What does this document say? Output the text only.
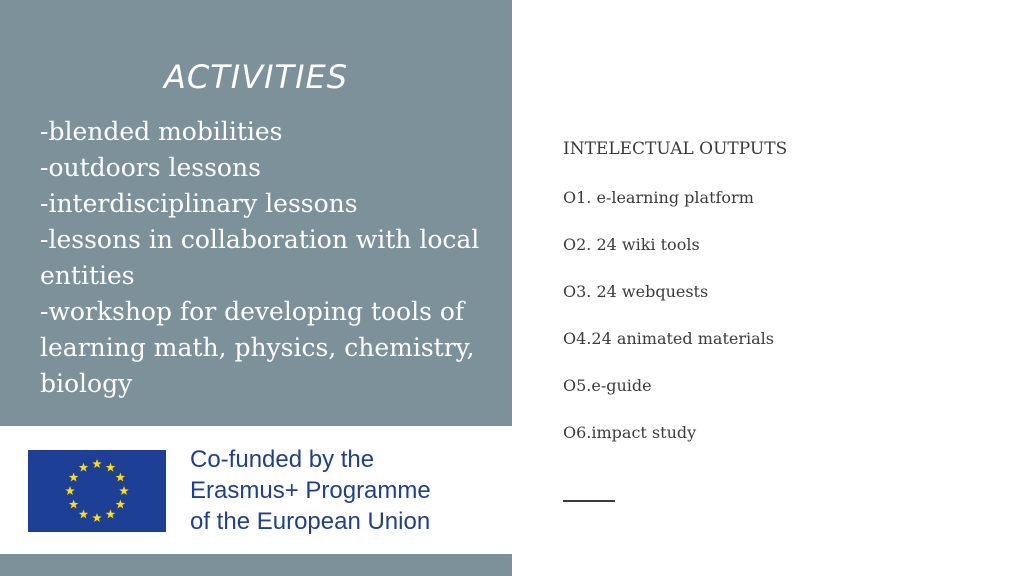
ACTIVITIES
-blended mobilities
-outdoors lessons
-interdisciplinary lessons
-lessons in collaboration with local entities
-workshop for developing tools of learning math, physics, chemistry, biology
Co-funded by the
Erasmus+ Programme
of the European Union
INTELECTUAL OUTPUTS
O1. e-learning platform
O2. 24 wiki tools
O3. 24 webquests
O4.24 animated materials
O5.e-guide
O6.impact study
